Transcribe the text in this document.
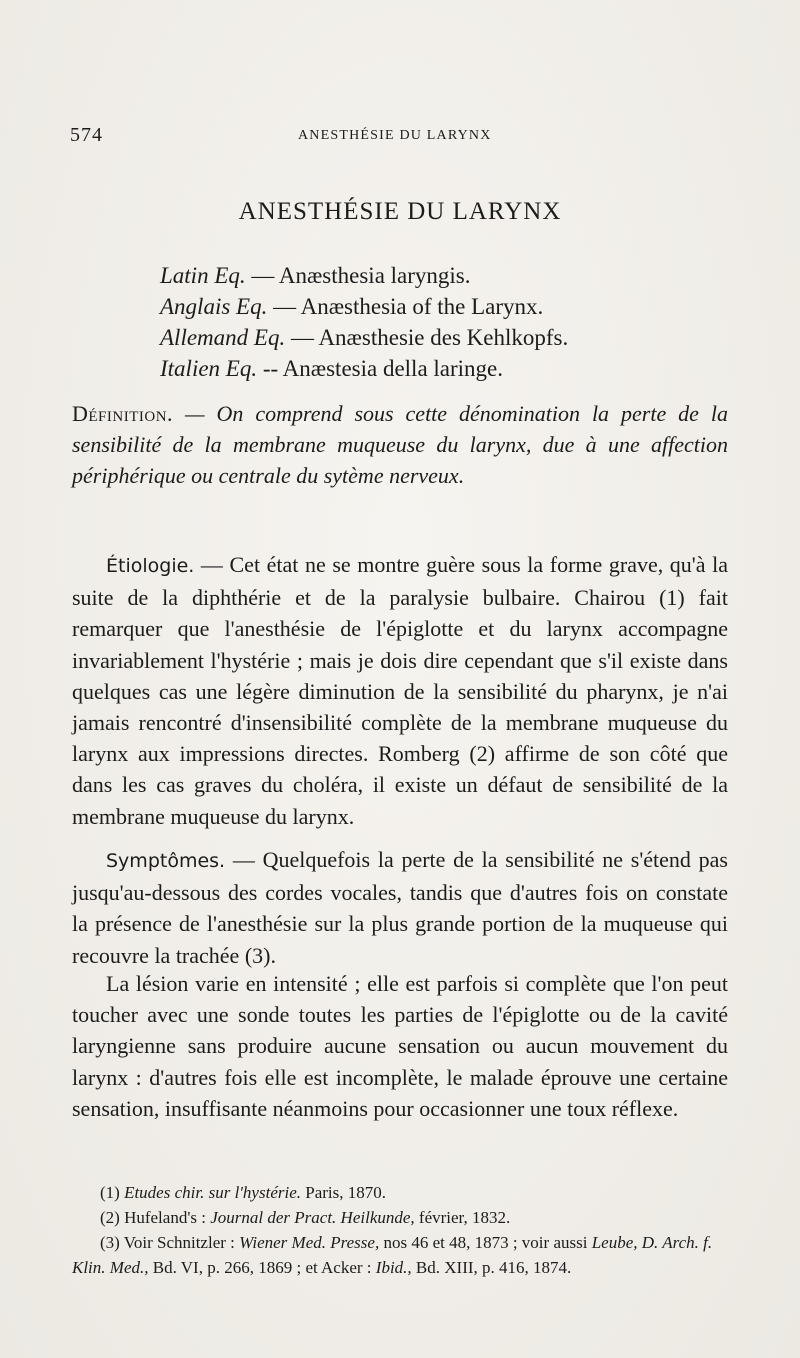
574	ANESTHÉSIE DU LARYNX
ANESTHÉSIE DU LARYNX
Latin Eq. — Anæsthesia laryngis.
Anglais Eq. — Anæsthesia of the Larynx.
Allemand Eq. — Anæsthesie des Kehlkopfs.
Italien Eq. -- Anæstesia della laringe.
Définition. — On comprend sous cette dénomination la perte de la sensibilité de la membrane muqueuse du larynx, due à une affection périphérique ou centrale du sytème nerveux.
Étiologie. — Cet état ne se montre guère sous la forme grave, qu'à la suite de la diphthérie et de la paralysie bulbaire. Chairou (1) fait remarquer que l'anesthésie de l'épiglotte et du larynx accompagne invariablement l'hystérie ; mais je dois dire cependant que s'il existe dans quelques cas une légère diminution de la sensibilité du pharynx, je n'ai jamais rencontré d'insensibilité complète de la membrane muqueuse du larynx aux impressions directes. Romberg (2) affirme de son côté que dans les cas graves du choléra, il existe un défaut de sensibilité de la membrane muqueuse du larynx.
Symptômes. — Quelquefois la perte de la sensibilité ne s'étend pas jusqu'au-dessous des cordes vocales, tandis que d'autres fois on constate la présence de l'anesthésie sur la plus grande portion de la muqueuse qui recouvre la trachée (3).
La lésion varie en intensité ; elle est parfois si complète que l'on peut toucher avec une sonde toutes les parties de l'épiglotte ou de la cavité laryngienne sans produire aucune sensation ou aucun mouvement du larynx : d'autres fois elle est incomplète, le malade éprouve une certaine sensation, insuffisante néanmoins pour occasionner une toux réflexe.
(1) Etudes chir. sur l'hystérie. Paris, 1870.
(2) Hufeland's : Journal der Pract. Heilkunde, février, 1832.
(3) Voir Schnitzler : Wiener Med. Presse, nos 46 et 48, 1873 ; voir aussi Leube, D. Arch. f. Klin. Med., Bd. VI, p. 266, 1869 ; et Acker : Ibid., Bd. XIII, p. 416, 1874.
